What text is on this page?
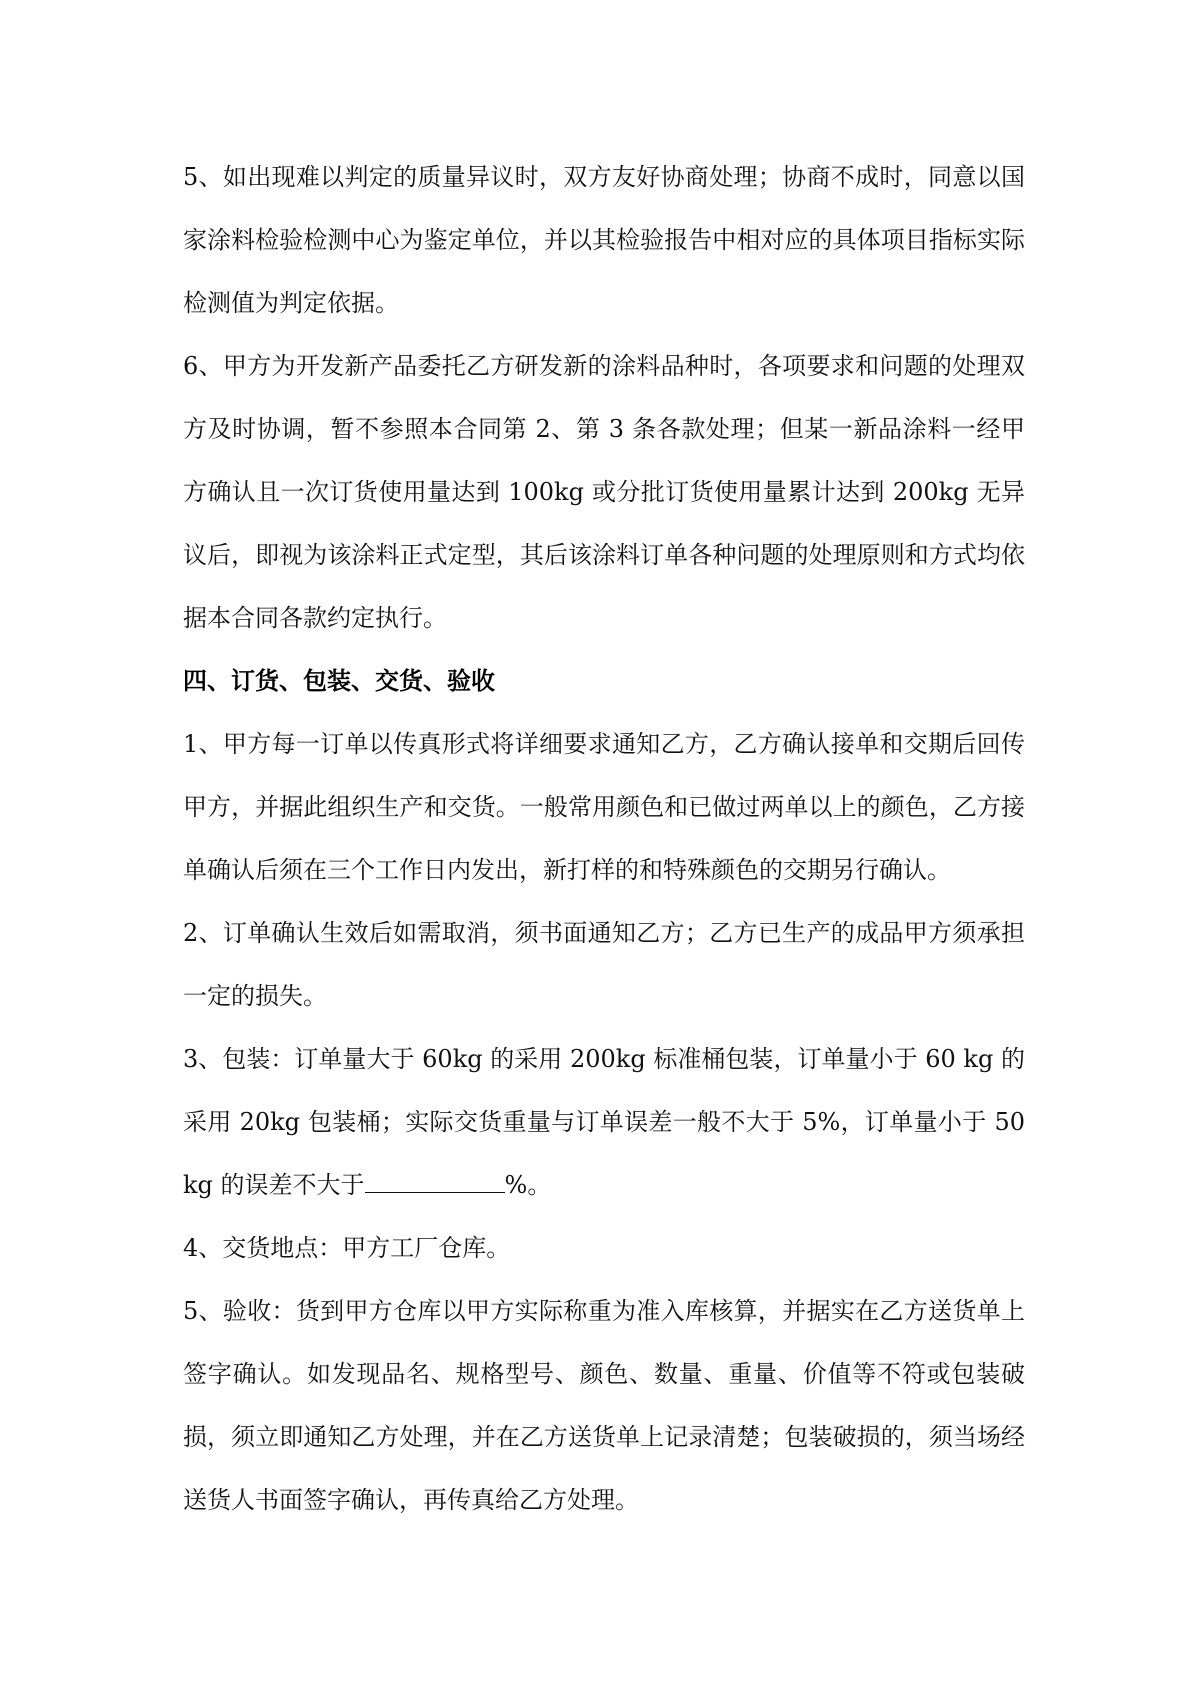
5、如出现难以判定的质量异议时，双方友好协商处理；协商不成时，同意以国家涂料检验检测中心为鉴定单位，并以其检验报告中相对应的具体项目指标实际检测值为判定依据。

6、甲方为开发新产品委托乙方研发新的涂料品种时，各项要求和问题的处理双方及时协调，暂不参照本合同第 2、第 3 条各款处理；但某一新品涂料一经甲方确认且一次订货使用量达到 100kg 或分批订货使用量累计达到 200kg 无异议后，即视为该涂料正式定型，其后该涂料订单各种问题的处理原则和方式均依据本合同各款约定执行。

四、订货、包装、交货、验收

1、甲方每一订单以传真形式将详细要求通知乙方，乙方确认接单和交期后回传甲方，并据此组织生产和交货。一般常用颜色和已做过两单以上的颜色，乙方接单确认后须在三个工作日内发出，新打样的和特殊颜色的交期另行确认。

2、订单确认生效后如需取消，须书面通知乙方；乙方已生产的成品甲方须承担一定的损失。

3、包装：订单量大于 60kg 的采用 200kg 标准桶包装，订单量小于 60 kg 的采用 20kg 包装桶；实际交货重量与订单误差一般不大于 5%，订单量小于 50kg 的误差不大于	%。

4、交货地点：甲方工厂仓库。

5、验收：货到甲方仓库以甲方实际称重为准入库核算，并据实在乙方送货单上签字确认。如发现品名、规格型号、颜色、数量、重量、价值等不符或包装破损，须立即通知乙方处理，并在乙方送货单上记录清楚；包装破损的，须当场经送货人书面签字确认，再传真给乙方处理。
